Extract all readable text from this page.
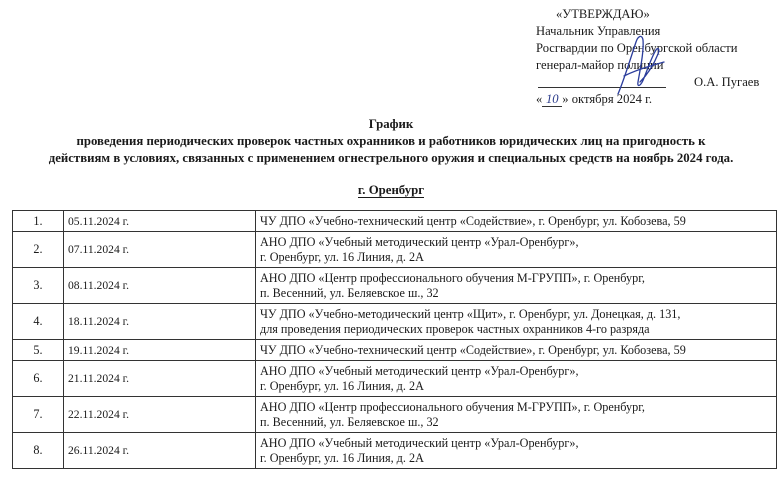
«УТВЕРЖДАЮ»
Начальник Управления
Росгвардии по Оренбургской области
генерал-майор полиции
О.А. Пугаев
« 10 » октября 2024 г.
График
проведения периодических проверок частных охранников и работников юридических лиц на пригодность к
действиям в условиях, связанных с применением огнестрельного оружия и специальных средств на ноябрь 2024 года.
г. Оренбург
1.	05.11.2024 г.	ЧУ ДПО «Учебно-технический центр «Содействие», г. Оренбург, ул. Кобозева, 59

2.	07.11.2024 г.	АНО ДПО «Учебный методический центр «Урал-Оренбург»,
г. Оренбург, ул. 16 Линия, д. 2А

3.	08.11.2024 г.	АНО ДПО «Центр профессионального обучения М-ГРУПП», г. Оренбург,
п. Весенний, ул. Беляевское ш., 32

4.	18.11.2024 г.	ЧУ ДПО «Учебно-методический центр «Щит», г. Оренбург, ул. Донецкая, д. 131,
для проведения периодических проверок частных охранников 4-го разряда

5.	19.11.2024 г.	ЧУ ДПО «Учебно-технический центр «Содействие», г. Оренбург, ул. Кобозева, 59

6.	21.11.2024 г.	АНО ДПО «Учебный методический центр «Урал-Оренбург»,
г. Оренбург, ул. 16 Линия, д. 2А

7.	22.11.2024 г.	АНО ДПО «Центр профессионального обучения М-ГРУПП», г. Оренбург,
п. Весенний, ул. Беляевское ш., 32

8.	26.11.2024 г.	АНО ДПО «Учебный методический центр «Урал-Оренбург»,
г. Оренбург, ул. 16 Линия, д. 2А
